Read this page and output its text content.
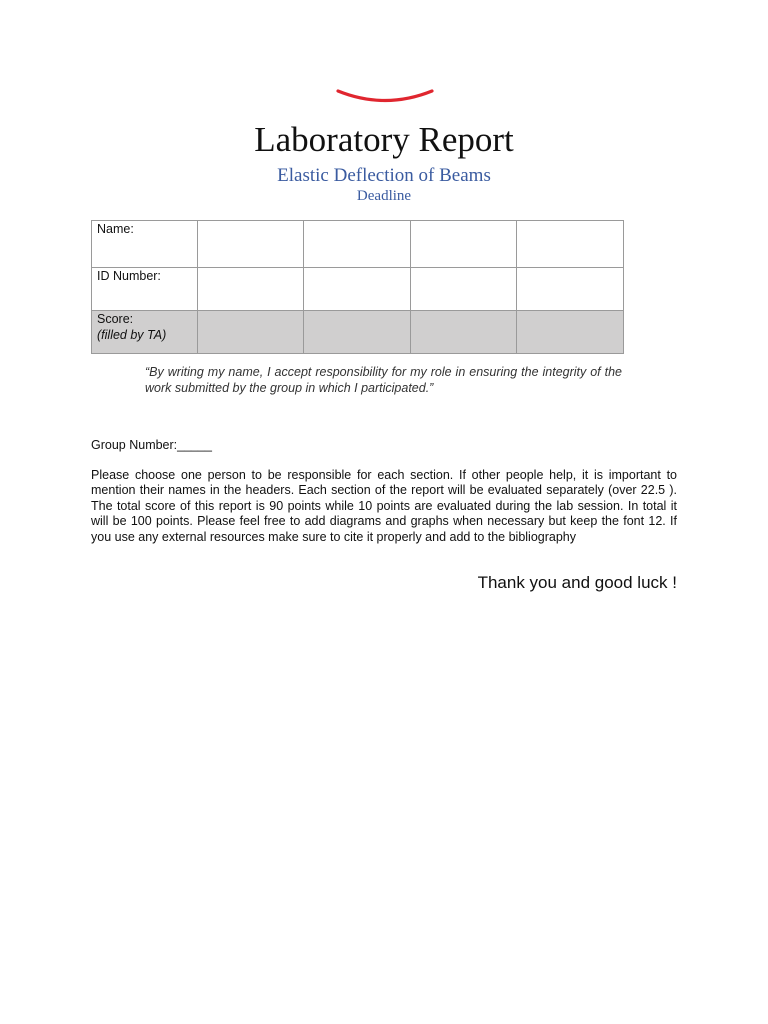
Laboratory Report
Elastic Deflection of Beams
Deadline
Name:				
ID Number:				

Score:
(filled by TA)				

“By writing my name, I accept responsibility for my role in ensuring the integrity of the work submitted by the group in which I participated.”
Group Number:_____
Please choose one person to be responsible for each section. If other people help, it is important to mention their names in the headers. Each section of the report will be evaluated separately (over 22.5 ). The total score of this report is 90 points while 10 points are evaluated during the lab session. In total it will be 100 points. Please feel free to add diagrams and graphs when necessary but keep the font 12. If you use any external resources make sure to cite it properly and add to the bibliography
Thank you and good luck !
